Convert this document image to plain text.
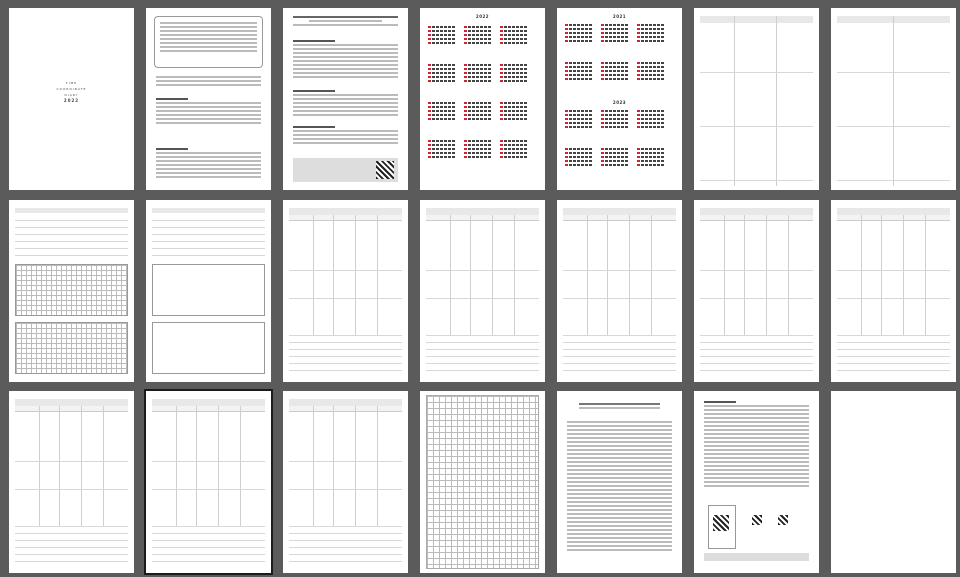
TIME
COORDINATE
DIARY
2022
2022	2021
2023
